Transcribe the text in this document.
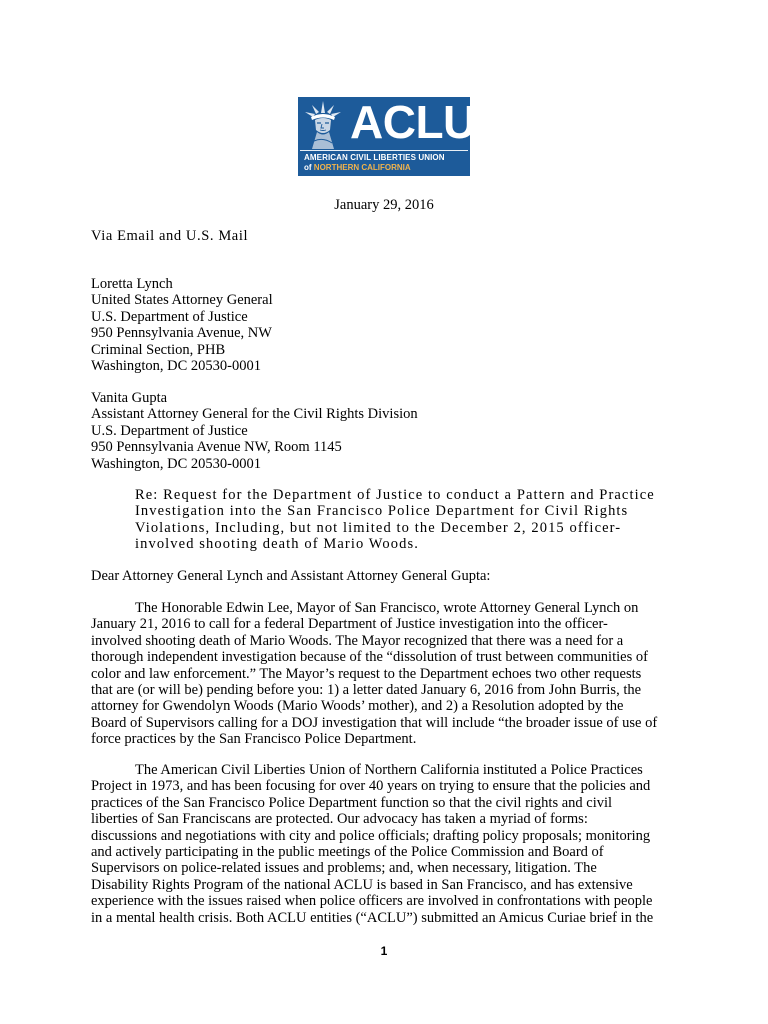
ACLU
AMERICAN CIVIL LIBERTIES UNION
of NORTHERN CALIFORNIA
January 29, 2016
Via Email and U.S. Mail
Loretta Lynch
United States Attorney General
U.S. Department of Justice
950 Pennsylvania Avenue, NW
Criminal Section, PHB
Washington, DC 20530-0001
Vanita Gupta
Assistant Attorney General for the Civil Rights Division
U.S. Department of Justice
950 Pennsylvania Avenue NW, Room 1145
Washington, DC 20530-0001
Re: Request for the Department of Justice to conduct a Pattern and Practice
Investigation into the San Francisco Police Department for Civil Rights
Violations, Including, but not limited to the December 2, 2015 officer-
involved shooting death of Mario Woods.
Dear Attorney General Lynch and Assistant Attorney General Gupta:
The Honorable Edwin Lee, Mayor of San Francisco, wrote Attorney General Lynch on
January 21, 2016 to call for a federal Department of Justice investigation into the officer-
involved shooting death of Mario Woods. The Mayor recognized that there was a need for a
thorough independent investigation because of the “dissolution of trust between communities of
color and law enforcement.” The Mayor’s request to the Department echoes two other requests
that are (or will be) pending before you: 1) a letter dated January 6, 2016 from John Burris, the
attorney for Gwendolyn Woods (Mario Woods’ mother), and 2) a Resolution adopted by the
Board of Supervisors calling for a DOJ investigation that will include “the broader issue of use of
force practices by the San Francisco Police Department.
The American Civil Liberties Union of Northern California instituted a Police Practices
Project in 1973, and has been focusing for over 40 years on trying to ensure that the policies and
practices of the San Francisco Police Department function so that the civil rights and civil
liberties of San Franciscans are protected. Our advocacy has taken a myriad of forms:
discussions and negotiations with city and police officials; drafting policy proposals; monitoring
and actively participating in the public meetings of the Police Commission and Board of
Supervisors on police-related issues and problems; and, when necessary, litigation. The
Disability Rights Program of the national ACLU is based in San Francisco, and has extensive
experience with the issues raised when police officers are involved in confrontations with people
in a mental health crisis. Both ACLU entities (“ACLU”) submitted an Amicus Curiae brief in the
1
